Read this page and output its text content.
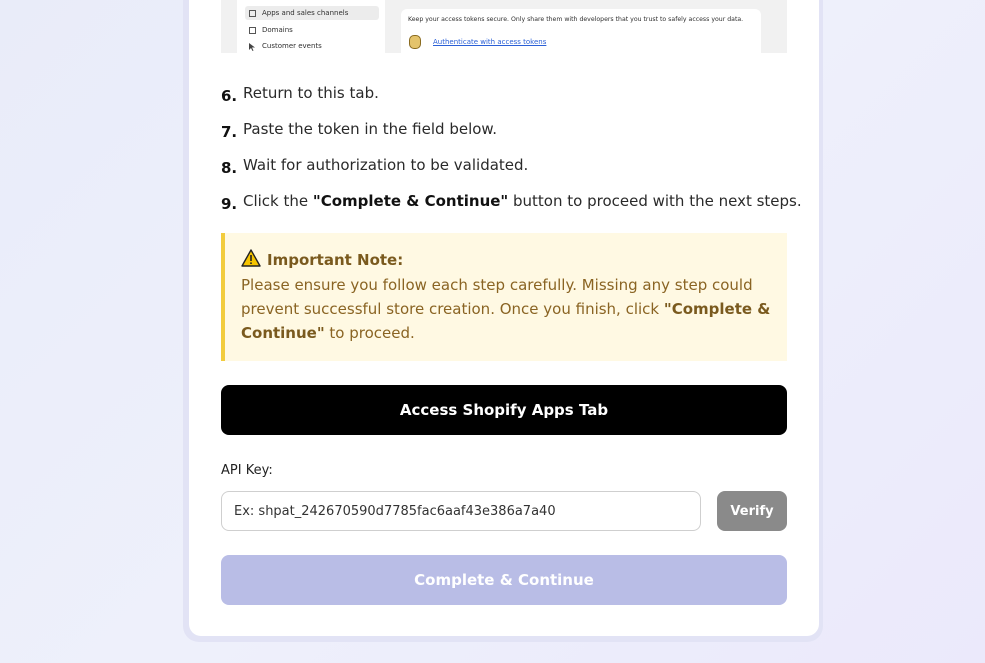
Apps and sales channels
Domains
Customer events
Keep your access tokens secure. Only share them with developers that you trust to safely access your data.
Authenticate with access tokens
6. Return to this tab.
7. Paste the token in the field below.
8. Wait for authorization to be validated.
9. Click the "Complete & Continue" button to proceed with the next steps.
Important Note:
Please ensure you follow each step carefully. Missing any step could prevent successful store creation. Once you finish, click "Complete & Continue" to proceed.
Access Shopify Apps Tab
API Key:
Ex: 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
Verify
Complete & Continue
